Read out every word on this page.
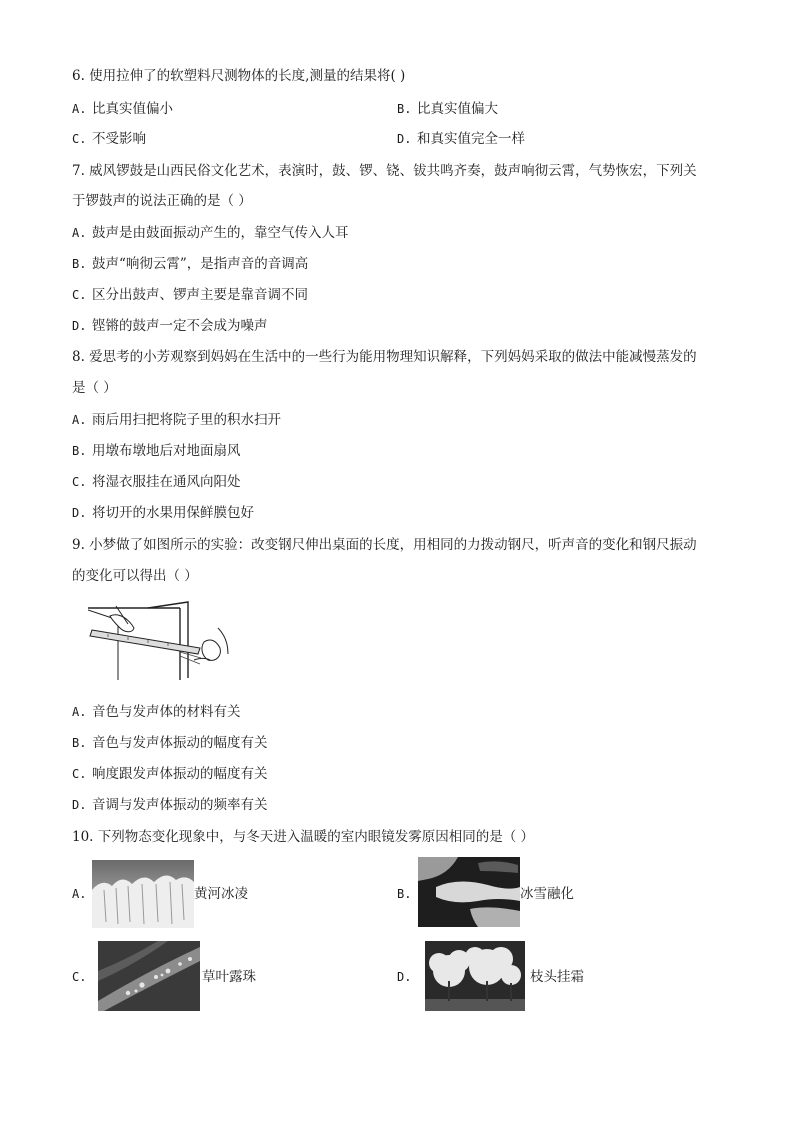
6. 使用拉伸了的软塑料尺测物体的长度,测量的结果将( )
A. 比真实值偏小	B. 比真实值偏大
C. 不受影响	D. 和真实值完全一样
7. 威风锣鼓是山西民俗文化艺术，表演时，鼓、锣、铙、钹共鸣齐奏，鼓声响彻云霄，气势恢宏，下列关
于锣鼓声的说法正确的是（ ）
A. 鼓声是由鼓面振动产生的，靠空气传入人耳
B. 鼓声“响彻云霄”，是指声音的音调高
C. 区分出鼓声、锣声主要是靠音调不同
D. 铿锵的鼓声一定不会成为噪声
8. 爱思考的小芳观察到妈妈在生活中的一些行为能用物理知识解释，下列妈妈采取的做法中能减慢蒸发的
是（ ）
A. 雨后用扫把将院子里的积水扫开
B. 用墩布墩地后对地面扇风
C. 将湿衣服挂在通风向阳处
D. 将切开的水果用保鲜膜包好
9. 小梦做了如图所示的实验：改变钢尺伸出桌面的长度，用相同的力拨动钢尺，听声音的变化和钢尺振动
的变化可以得出（ ）
A. 音色与发声体的材料有关
B. 音色与发声体振动的幅度有关
C. 响度跟发声体振动的幅度有关
D. 音调与发声体振动的频率有关
10. 下列物态变化现象中，与冬天进入温暖的室内眼镜发雾原因相同的是（ ）
A.	黄河冰凌	B.	冰雪融化
C.	草叶露珠	D.	枝头挂霜
